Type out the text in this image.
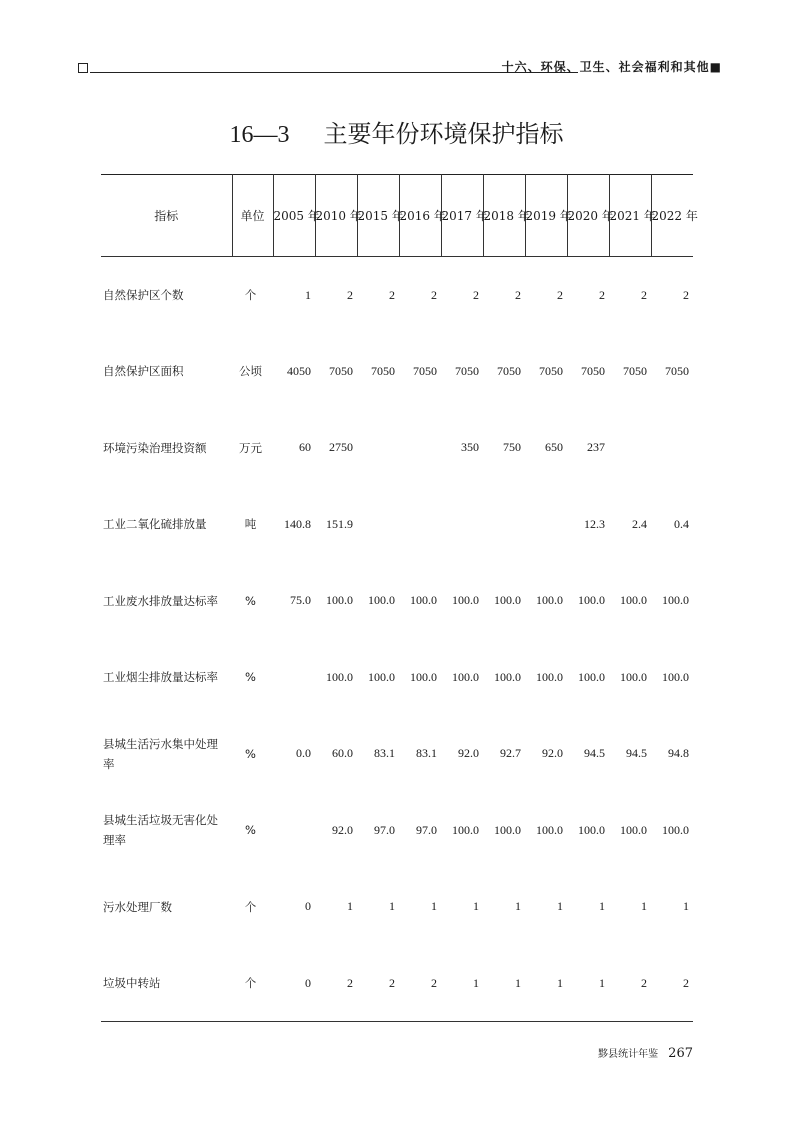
十六、环保、卫生、社会福利和其他■
16—3 主要年份环境保护指标
指标	单位	2005 年	2010 年	2015 年	2016 年	2017 年	2018 年	2019 年	2020 年	2021 年	2022 年
自然保护区个数	个	1	2	2	2	2	2	2	2	2	2
自然保护区面积	公顷	4050	7050	7050	7050	7050	7050	7050	7050	7050	7050
环境污染治理投资额	万元	60	2750			350	750	650	237		
工业二氧化硫排放量	吨	140.8	151.9						12.3	2.4	0.4
工业废水排放量达标率	%	75.0	100.0	100.0	100.0	100.0	100.0	100.0	100.0	100.0	100.0
工业烟尘排放量达标率	%		100.0	100.0	100.0	100.0	100.0	100.0	100.0	100.0	100.0
县城生活污水集中处理率	%	0.0	60.0	83.1	83.1	92.0	92.7	92.0	94.5	94.5	94.8
县城生活垃圾无害化处理率	%		92.0	97.0	97.0	100.0	100.0	100.0	100.0	100.0	100.0
污水处理厂数	个	0	1	1	1	1	1	1	1	1	1
垃圾中转站	个	0	2	2	2	1	1	1	1	2	2
黟县统计年鉴 267
